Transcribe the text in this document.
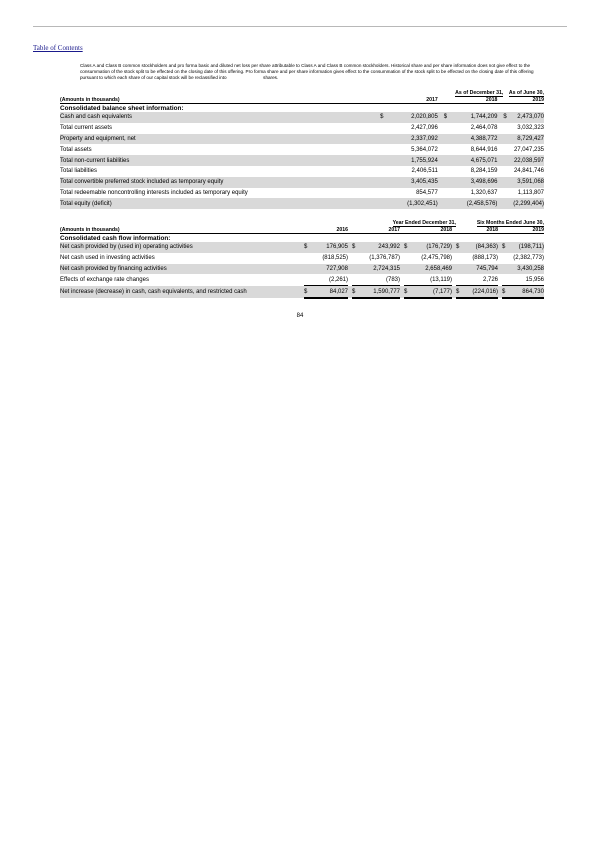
Table of Contents
Class A and Class B common stockholders and pro forma basic and diluted net loss per share attributable to Class A and Class B common stockholders. Historical share and per share information does not give effect to the consummation of the stock split to be effected on the closing date of this offering. Pro forma share and per share information gives effect to the consummation of the stock split to be effected on the closing date of this offering pursuant to which each share of our capital stock will be reclassified into	shares.
	As of December 31,						As of June 30,	
(Amounts in thousands)	2017			2018			2019	
Consolidated balance sheet information:								
Cash and cash equivalents	$	2,020,805		$	1,744,209		$	2,473,070
Total current assets		2,427,096			2,464,078			3,032,323
Property and equipment, net		2,337,092			4,388,772			8,729,427
Total assets		5,364,072			8,644,916			27,047,235
Total non-current liabilities		1,755,924			4,675,071			22,038,597
Total liabilities		2,406,511			8,284,159			24,841,746
Total convertible preferred stock included as temporary equity		3,405,435			3,498,696			3,591,068
Total redeemable noncontrolling interests included as temporary equity		854,577			1,320,637			1,113,807
Total equity (deficit)		(1,302,451)			(2,458,576)			(2,299,404)
	Year Ended December 31,									Six Months Ended June 30,				
(Amounts in thousands)	2016			2017			2018			2018			2019	
Consolidated cash flow information:														
Net cash provided by (used in) operating activities	$	176,905		$	243,992		$	(176,729)		$	(84,363)		$	(198,711)
Net cash used in investing activities		(818,525)			(1,376,787)			(2,475,798)			(888,173)			(2,382,773)
Net cash provided by financing activities		727,908			2,724,315			2,658,469			745,794			3,430,258
Effects of exchange rate changes		(2,261)			(783)			(13,119)			2,726			15,956
Net increase (decrease) in cash, cash equivalents, and restricted cash	$	84,027		$	1,590,777		$	(7,177)		$	(224,016)		$	864,730
84
